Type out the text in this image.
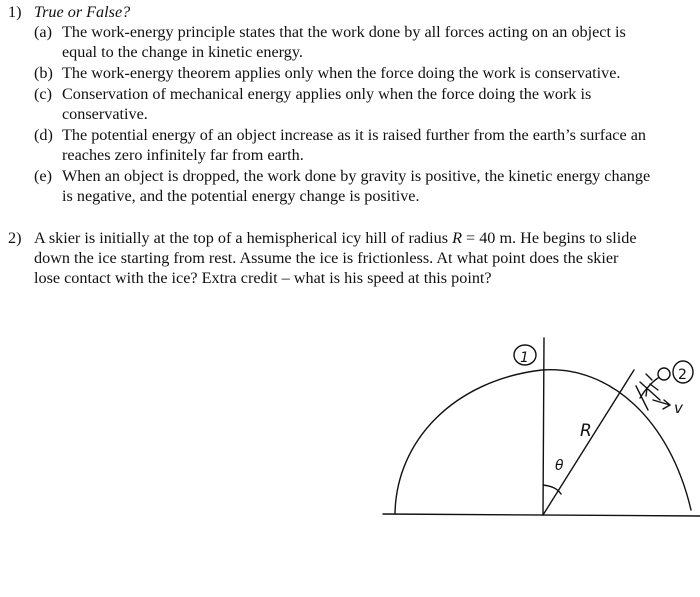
1) True or False?
(a) The work-energy principle states that the work done by all forces acting on an object is
equal to the change in kinetic energy.
(b) The work-energy theorem applies only when the force doing the work is conservative.
(c) Conservation of mechanical energy applies only when the force doing the work is
conservative.
(d) The potential energy of an object increase as it is raised further from the earth’s surface an
reaches zero infinitely far from earth.
(e) When an object is dropped, the work done by gravity is positive, the kinetic energy change
is negative, and the potential energy change is positive.
2) A skier is initially at the top of a hemispherical icy hill of radius R = 40 m. He begins to slide
down the ice starting from rest. Assume the ice is frictionless. At what point does the skier
lose contact with the ice? Extra credit – what is his speed at this point?
1
2
R
θ
v
